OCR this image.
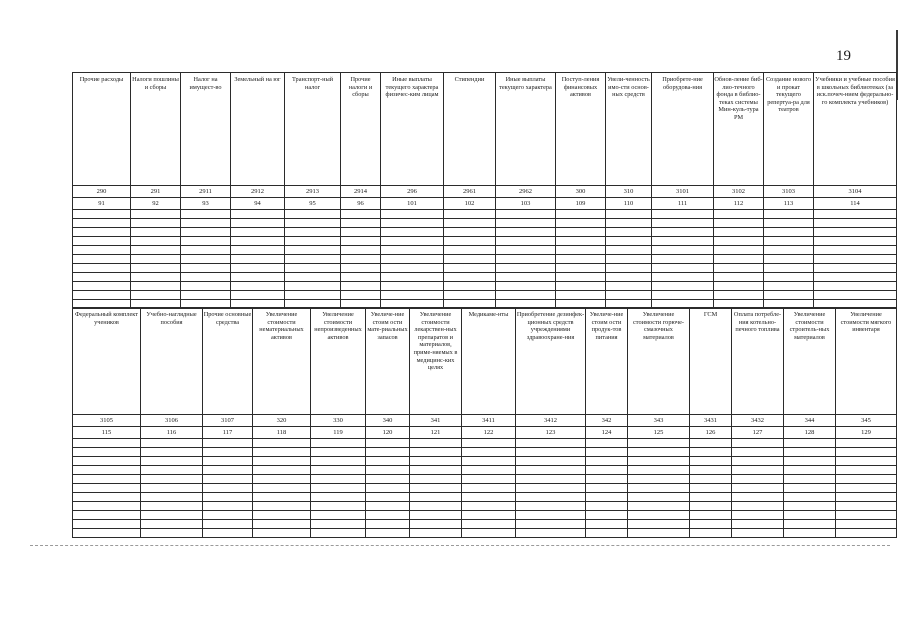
19
Прочие расходы	Налоги пошлины и сборы	Налог на имущест-во	Земельный на юг	Транспорт-ный налог	Прочие налоги и сборы	Иные выплаты текущего характера физичес-ким лицам	Стипендии	Иные выплаты текущего характера	Поступ-ления финансовых активов	Увели-ченность имо-сти основ-ных средств	Приобрете-ние оборудова-ния	Обнов-ление биб-лио-течного фонда в библио-теках системы Мин-куль-тура РМ	Создание нового и прокат текущего репертуа-ра для театров	Учебники и учебные пособия в школьных библиотеках (за иск.почеч-нием федерально-го комплекта учебников)
290	291	2911	2912	2913	2914	296	2961	2962	300	310	3101	3102	3103	3104
91	92	93	94	95	96	101	102	103	109	110	111	112	113	114

Федеральный комплект учеников	Учебно-наглядные пособия	Прочие основные средства	Увеличение стоимости нематериальных активов	Увеличение стоимости непроизведенных активов	Увеличе-ние стоим ости мате-риальных запасов	Увеличение стоимости лекарствен-ных препаратов и материалов, приме-няемых в медицинс-ких целях	Медикаме-нты	Приобретение дезинфек-ционных средств учреждениями здравоохране-ния	Увеличе-ние стоим ости продук-тов питания	Увеличение стоимости горюче-смазочных материалов	ГСМ	Оплата потребле-ния котельно-печного топлива	Увеличение стоимости строитель-ных материалов	Увеличение стоимости мягкого инвентаря
3105	3106	3107	320	330	340	341	3411	3412	342	343	3431	3432	344	345
115	116	117	118	119	120	121	122	123	124	125	126	127	128	129
